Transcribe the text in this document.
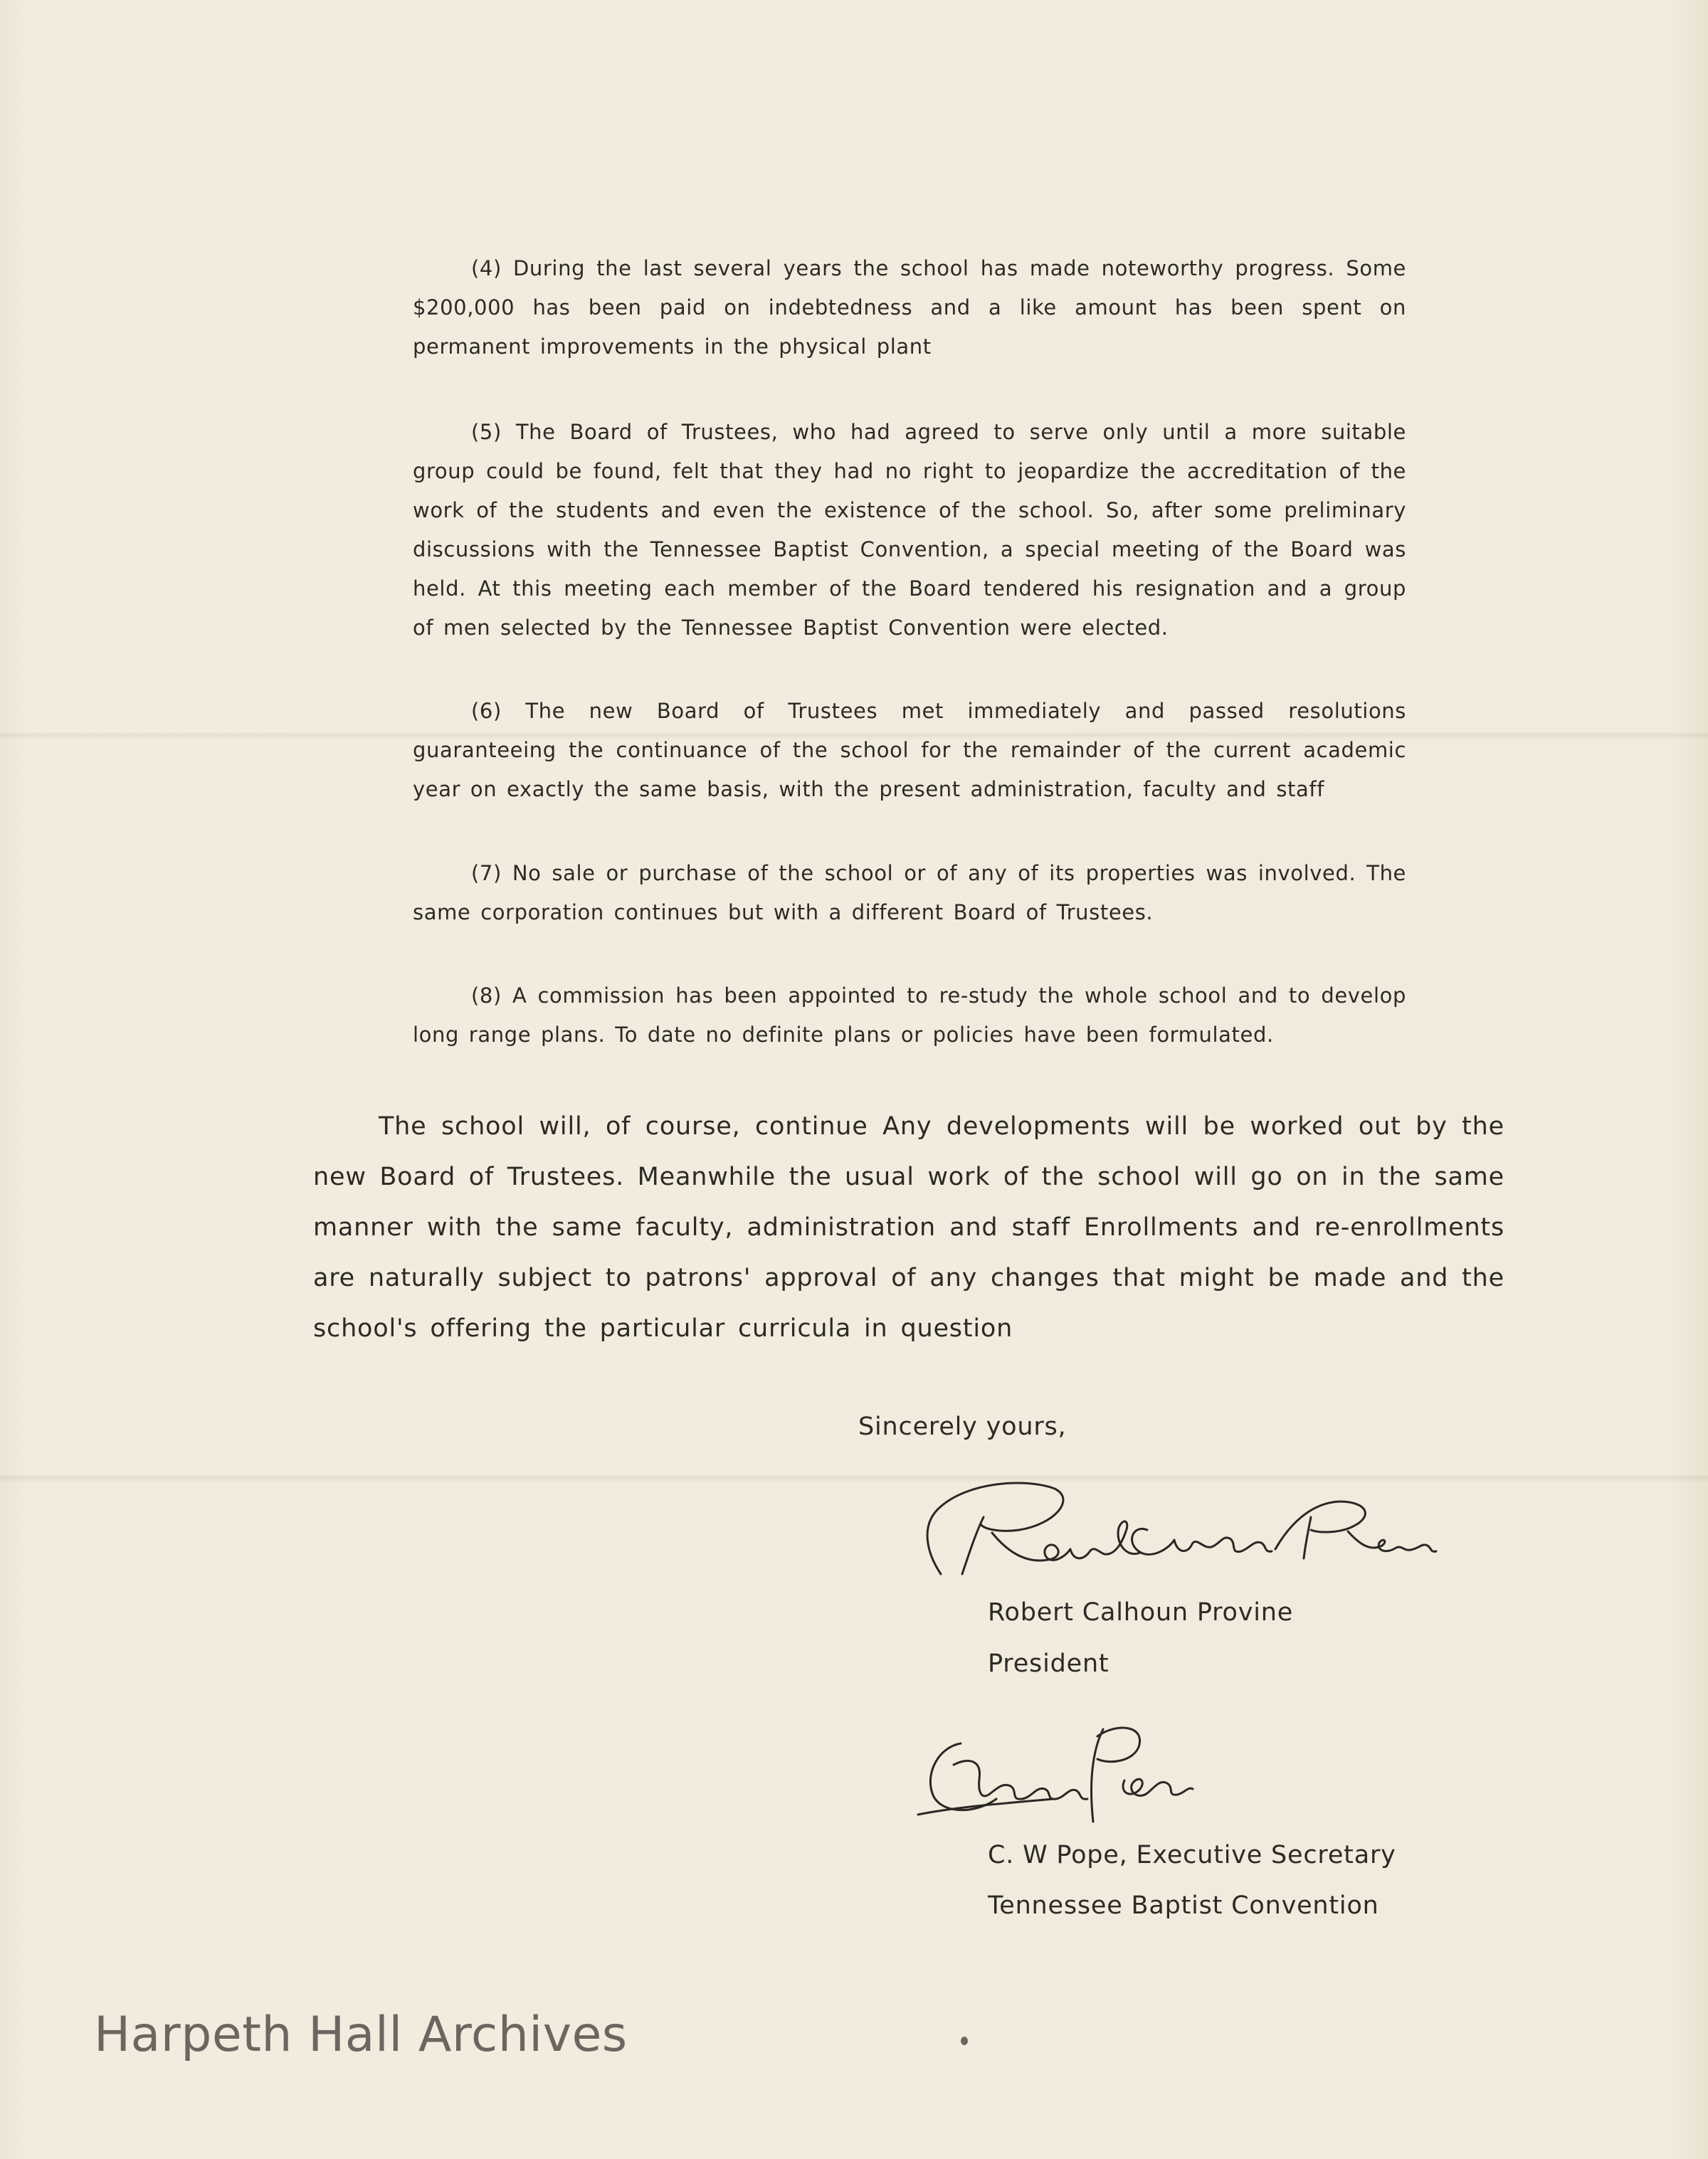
(4) During the last several years the school has made noteworthy progress. Some $200,000 has been paid on indebtedness and a like amount has been spent on permanent improvements in the physical plant

(5) The Board of Trustees, who had agreed to serve only until a more suitable group could be found, felt that they had no right to jeopardize the accreditation of the work of the students and even the existence of the school. So, after some preliminary discussions with the Tennessee Baptist Convention, a special meeting of the Board was held. At this meeting each member of the Board tendered his resignation and a group of men selected by the Tennessee Baptist Convention were elected.

(6) The new Board of Trustees met immediately and passed resolutions guaranteeing the continuance of the school for the remainder of the current academic year on exactly the same basis, with the present administration, faculty and staff

(7) No sale or purchase of the school or of any of its properties was involved. The same corporation continues but with a different Board of Trustees.

(8) A commission has been appointed to re-study the whole school and to develop long range plans. To date no definite plans or policies have been formulated.

The school will, of course, continue Any developments will be worked out by the new Board of Trustees. Meanwhile the usual work of the school will go on in the same manner with the same faculty, administration and staff Enrollments and re-enrollments are naturally subject to patrons' approval of any changes that might be made and the school's offering the particular curricula in question

Sincerely yours,

Robert Calhoun Provine

President

C. W Pope, Executive Secretary

Tennessee Baptist Convention

Harpeth Hall Archives
